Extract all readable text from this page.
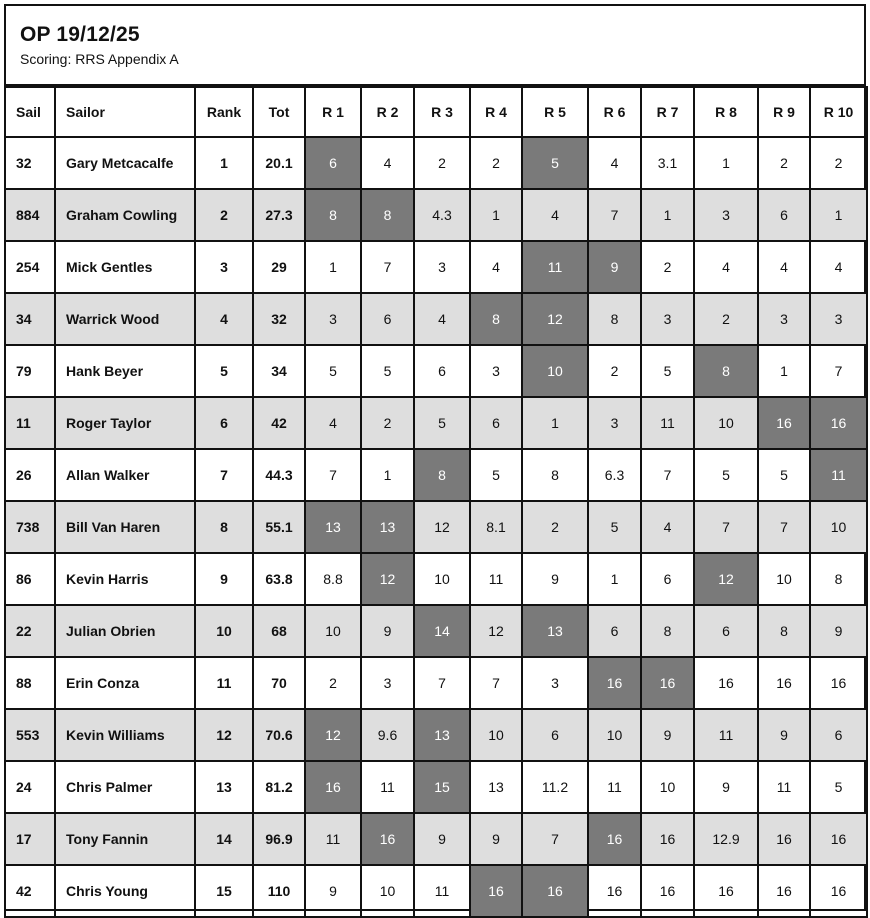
OP 19/12/25
Scoring: RRS Appendix A
Sail	Sailor	Rank	Tot	R 1	R 2	R 3	R 4	R 5	R 6	R 7	R 8	R 9	R 10
32	Gary Metcacalfe	1	20.1	6	4	2	2	5	4	3.1	1	2	2
884	Graham Cowling	2	27.3	8	8	4.3	1	4	7	1	3	6	1
254	Mick Gentles	3	29	1	7	3	4	11	9	2	4	4	4
34	Warrick Wood	4	32	3	6	4	8	12	8	3	2	3	3
79	Hank Beyer	5	34	5	5	6	3	10	2	5	8	1	7
11	Roger Taylor	6	42	4	2	5	6	1	3	11	10	16	16
26	Allan Walker	7	44.3	7	1	8	5	8	6.3	7	5	5	11
738	Bill Van Haren	8	55.1	13	13	12	8.1	2	5	4	7	7	10
86	Kevin Harris	9	63.8	8.8	12	10	11	9	1	6	12	10	8
22	Julian Obrien	10	68	10	9	14	12	13	6	8	6	8	9
88	Erin Conza	11	70	2	3	7	7	3	16	16	16	16	16
553	Kevin Williams	12	70.6	12	9.6	13	10	6	10	9	11	9	6
24	Chris Palmer	13	81.2	16	11	15	13	11.2	11	10	9	11	5
17	Tony Fannin	14	96.9	11	16	9	9	7	16	16	12.9	16	16
42	Chris Young	15	110	9	10	11	16	16	16	16	16	16	16
